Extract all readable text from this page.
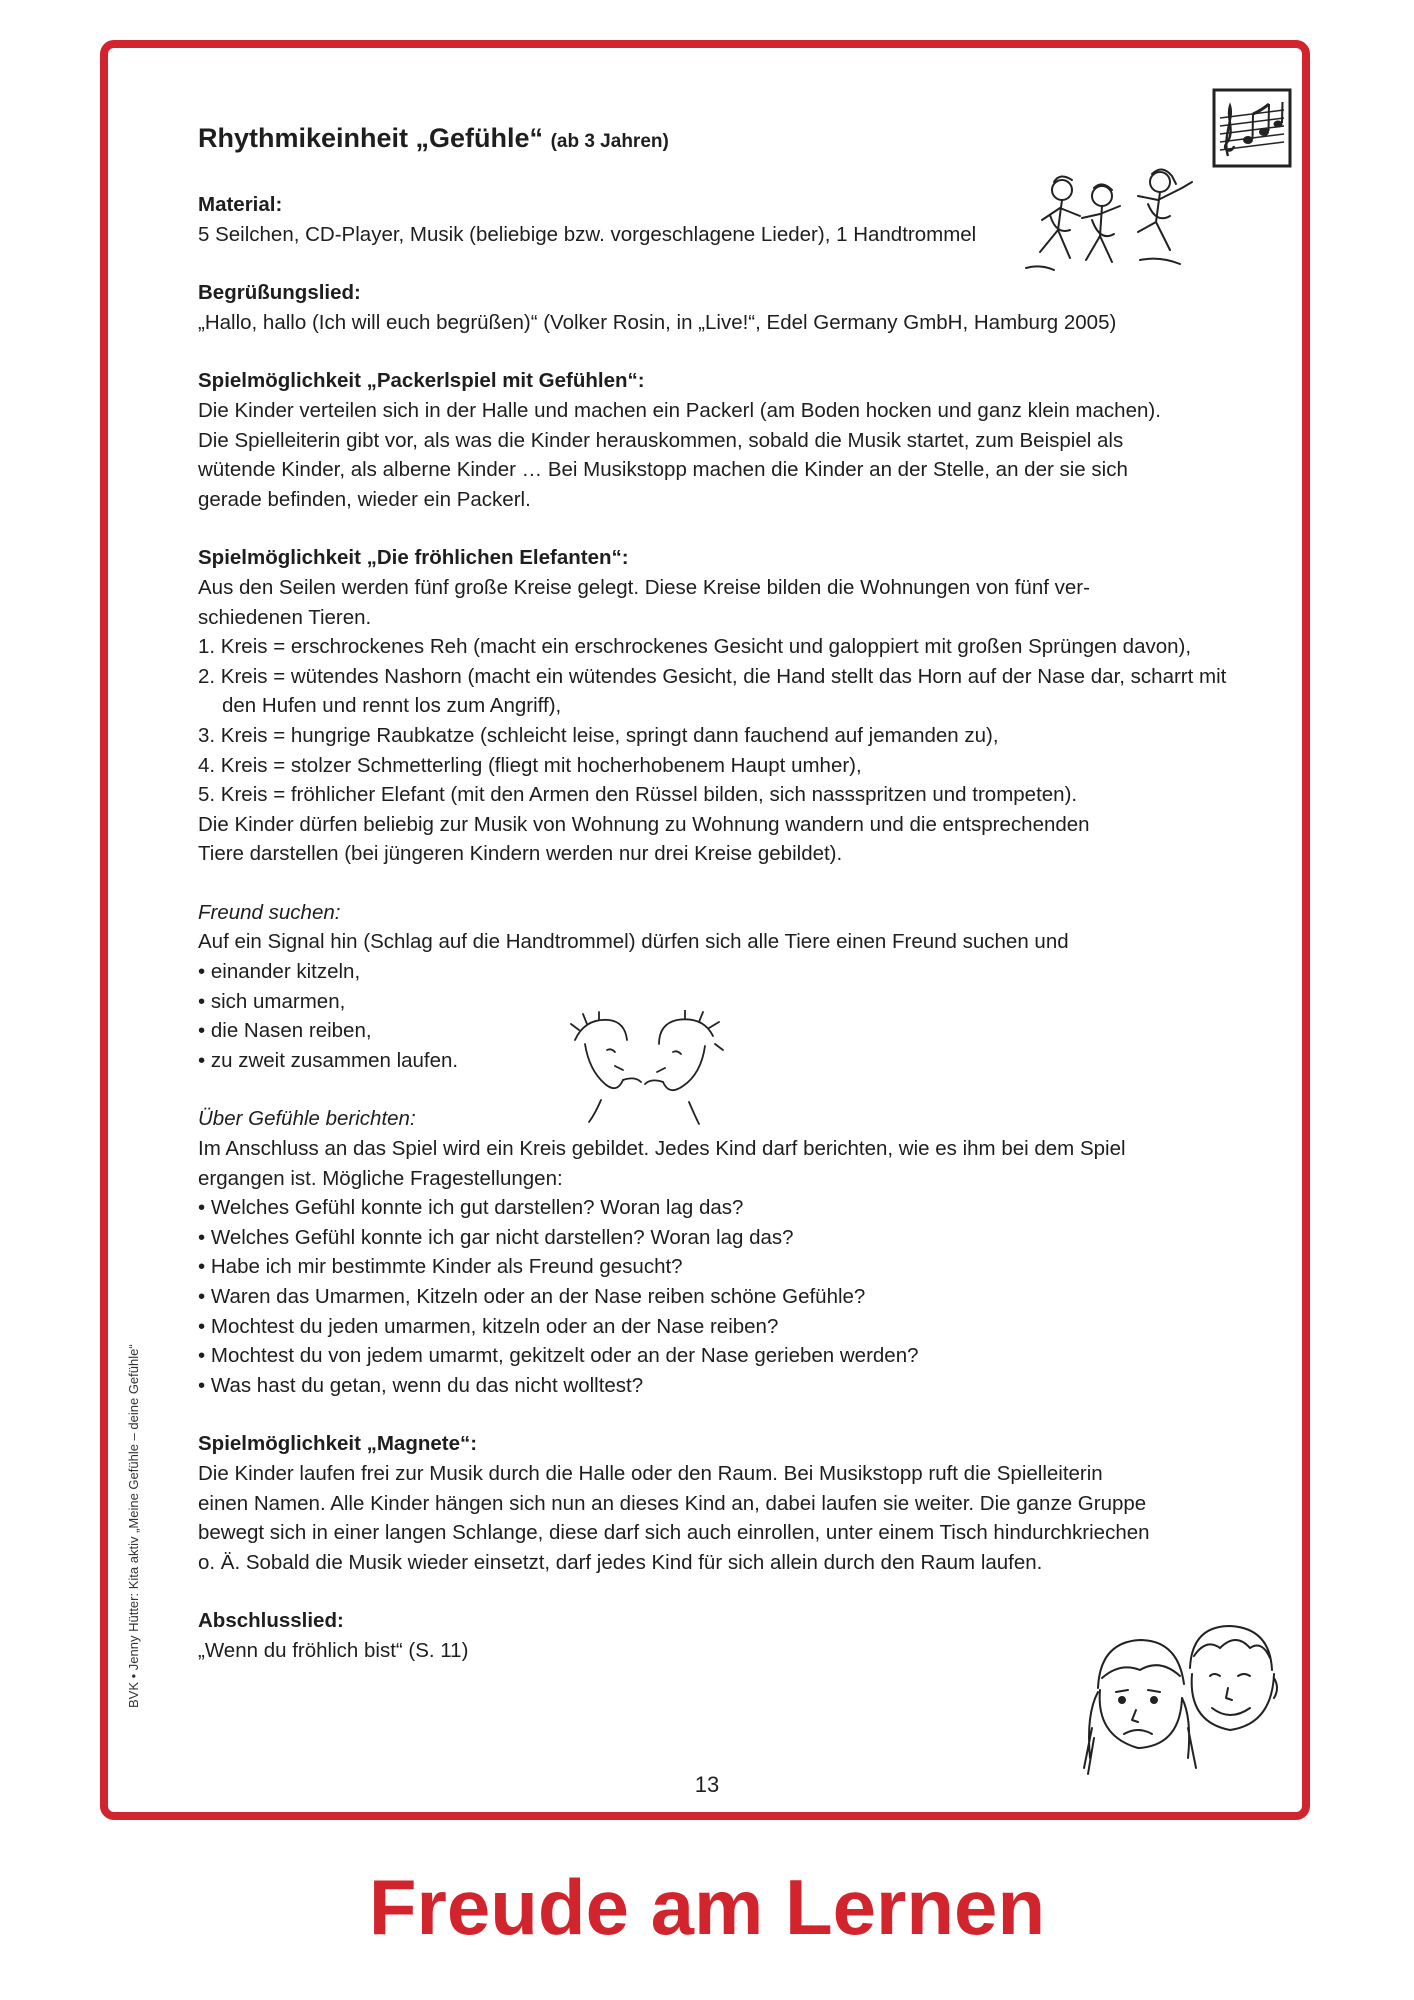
Rhythmikeinheit „Gefühle“ (ab 3 Jahren)

Material:

5 Seilchen, CD-Player, Musik (beliebige bzw. vorgeschlagene Lieder), 1 Handtrommel

Begrüßungslied:

„Hallo, hallo (Ich will euch begrüßen)“ (Volker Rosin, in „Live!“, Edel Germany GmbH, Hamburg 2005)

Spielmöglichkeit „Packerlspiel mit Gefühlen“:

Die Kinder verteilen sich in der Halle und machen ein Packerl (am Boden hocken und ganz klein machen).

Die Spielleiterin gibt vor, als was die Kinder herauskommen, sobald die Musik startet, zum Beispiel als

wütende Kinder, als alberne Kinder … Bei Musikstopp machen die Kinder an der Stelle, an der sie sich

gerade befinden, wieder ein Packerl.

Spielmöglichkeit „Die fröhlichen Elefanten“:

Aus den Seilen werden fünf große Kreise gelegt. Diese Kreise bilden die Wohnungen von fünf ver-

schiedenen Tieren.

1. Kreis = erschrockenes Reh (macht ein erschrockenes Gesicht und galoppiert mit großen Sprüngen davon),

2. Kreis = wütendes Nashorn (macht ein wütendes Gesicht, die Hand stellt das Horn auf der Nase dar, scharrt mit den Hufen und rennt los zum Angriff),

3. Kreis = hungrige Raubkatze (schleicht leise, springt dann fauchend auf jemanden zu),

4. Kreis = stolzer Schmetterling (fliegt mit hocherhobenem Haupt umher),

5. Kreis = fröhlicher Elefant (mit den Armen den Rüssel bilden, sich nassspritzen und trompeten).

Die Kinder dürfen beliebig zur Musik von Wohnung zu Wohnung wandern und die entsprechenden

Tiere darstellen (bei jüngeren Kindern werden nur drei Kreise gebildet).

Freund suchen:

Auf ein Signal hin (Schlag auf die Handtrommel) dürfen sich alle Tiere einen Freund suchen und

• einander kitzeln,

• sich umarmen,

• die Nasen reiben,

• zu zweit zusammen laufen.

Über Gefühle berichten:

Im Anschluss an das Spiel wird ein Kreis gebildet. Jedes Kind darf berichten, wie es ihm bei dem Spiel

ergangen ist. Mögliche Fragestellungen:

• Welches Gefühl konnte ich gut darstellen? Woran lag das?

• Welches Gefühl konnte ich gar nicht darstellen? Woran lag das?

• Habe ich mir bestimmte Kinder als Freund gesucht?

• Waren das Umarmen, Kitzeln oder an der Nase reiben schöne Gefühle?

• Mochtest du jeden umarmen, kitzeln oder an der Nase reiben?

• Mochtest du von jedem umarmt, gekitzelt oder an der Nase gerieben werden?

• Was hast du getan, wenn du das nicht wolltest?

Spielmöglichkeit „Magnete“:

Die Kinder laufen frei zur Musik durch die Halle oder den Raum. Bei Musikstopp ruft die Spielleiterin

einen Namen. Alle Kinder hängen sich nun an dieses Kind an, dabei laufen sie weiter. Die ganze Gruppe

bewegt sich in einer langen Schlange, diese darf sich auch einrollen, unter einem Tisch hindurchkriechen

o. Ä. Sobald die Musik wieder einsetzt, darf jedes Kind für sich allein durch den Raum laufen.

Abschlusslied:

„Wenn du fröhlich bist“ (S. 11)

BVK • Jenny Hütter: Kita aktiv „Meine Gefühle – deine Gefühle“
13
Freude am Lernen
